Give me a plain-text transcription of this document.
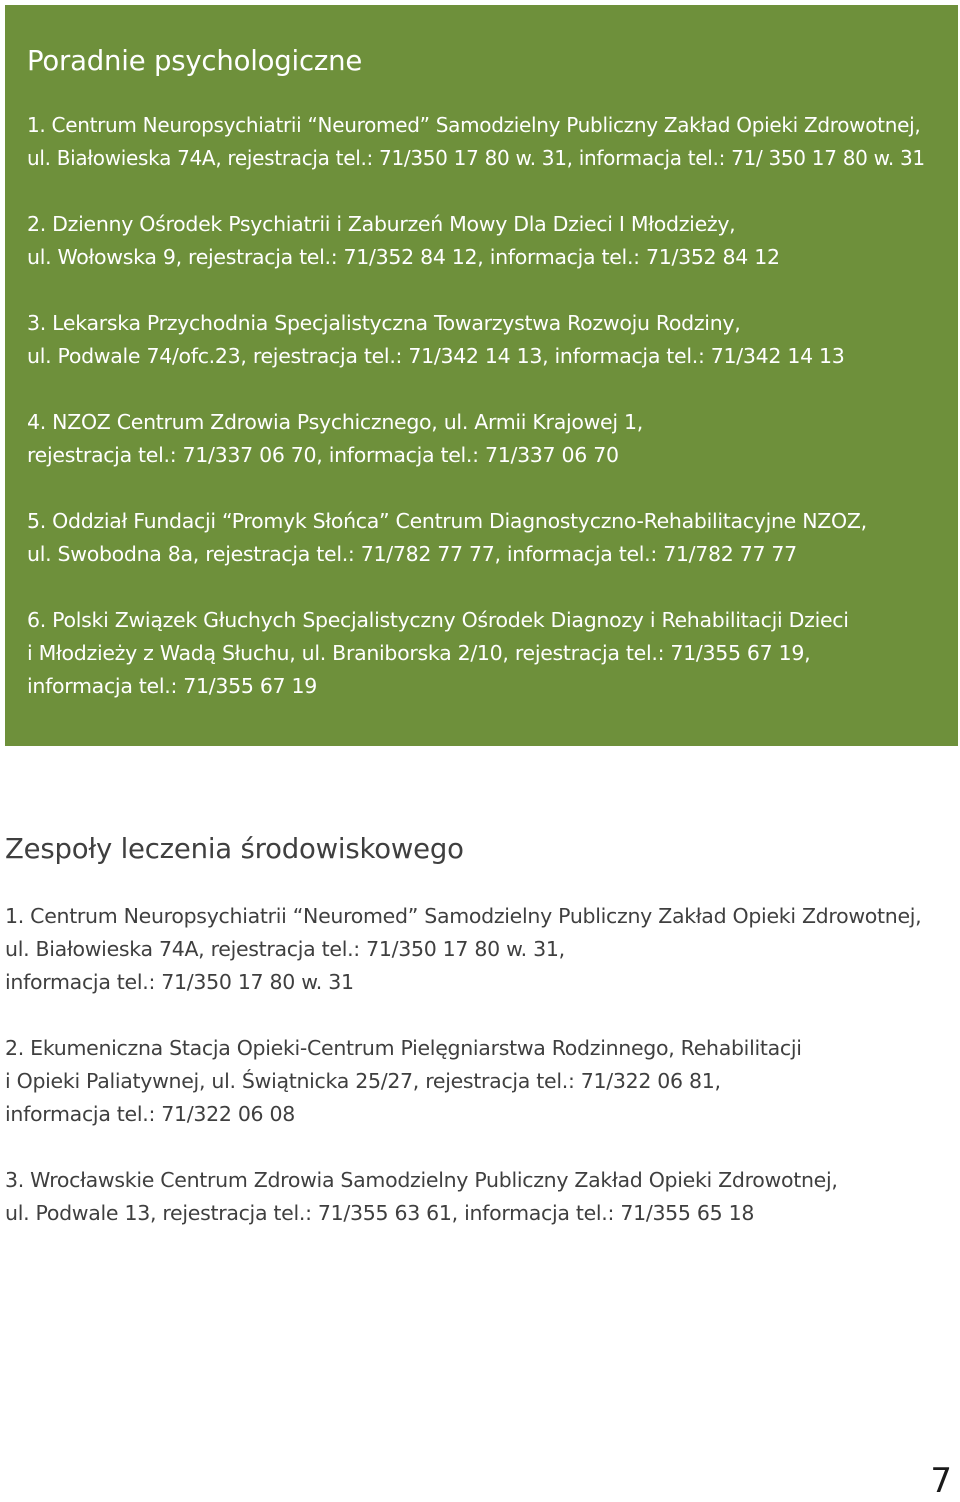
Poradnie psychologiczne
1. Centrum Neuropsychiatrii “Neuromed” Samodzielny Publiczny Zakład Opieki Zdrowotnej,
ul. Białowieska 74A, rejestracja tel.: 71/350 17 80 w. 31, informacja tel.: 71/ 350 17 80 w. 31
2. Dzienny Ośrodek Psychiatrii i Zaburzeń Mowy Dla Dzieci I Młodzieży,
ul. Wołowska 9, rejestracja tel.: 71/352 84 12, informacja tel.: 71/352 84 12
3. Lekarska Przychodnia Specjalistyczna Towarzystwa Rozwoju Rodziny,
ul. Podwale 74/ofc.23, rejestracja tel.: 71/342 14 13, informacja tel.: 71/342 14 13
4. NZOZ Centrum Zdrowia Psychicznego, ul. Armii Krajowej 1,
rejestracja tel.: 71/337 06 70, informacja tel.: 71/337 06 70
5. Oddział Fundacji “Promyk Słońca” Centrum Diagnostyczno-Rehabilitacyjne NZOZ,
ul. Swobodna 8a, rejestracja tel.: 71/782 77 77, informacja tel.: 71/782 77 77
6. Polski Związek Głuchych Specjalistyczny Ośrodek Diagnozy i Rehabilitacji Dzieci
i Młodzieży z Wadą Słuchu, ul. Braniborska 2/10, rejestracja tel.: 71/355 67 19,
informacja tel.: 71/355 67 19
Zespoły leczenia środowiskowego
1. Centrum Neuropsychiatrii “Neuromed” Samodzielny Publiczny Zakład Opieki Zdrowotnej,
ul. Białowieska 74A, rejestracja tel.: 71/350 17 80 w. 31,
informacja tel.: 71/350 17 80 w. 31
2. Ekumeniczna Stacja Opieki-Centrum Pielęgniarstwa Rodzinnego, Rehabilitacji
i Opieki Paliatywnej, ul. Świątnicka 25/27, rejestracja tel.: 71/322 06 81,
informacja tel.: 71/322 06 08
3. Wrocławskie Centrum Zdrowia Samodzielny Publiczny Zakład Opieki Zdrowotnej,
ul. Podwale 13, rejestracja tel.: 71/355 63 61, informacja tel.: 71/355 65 18
7
